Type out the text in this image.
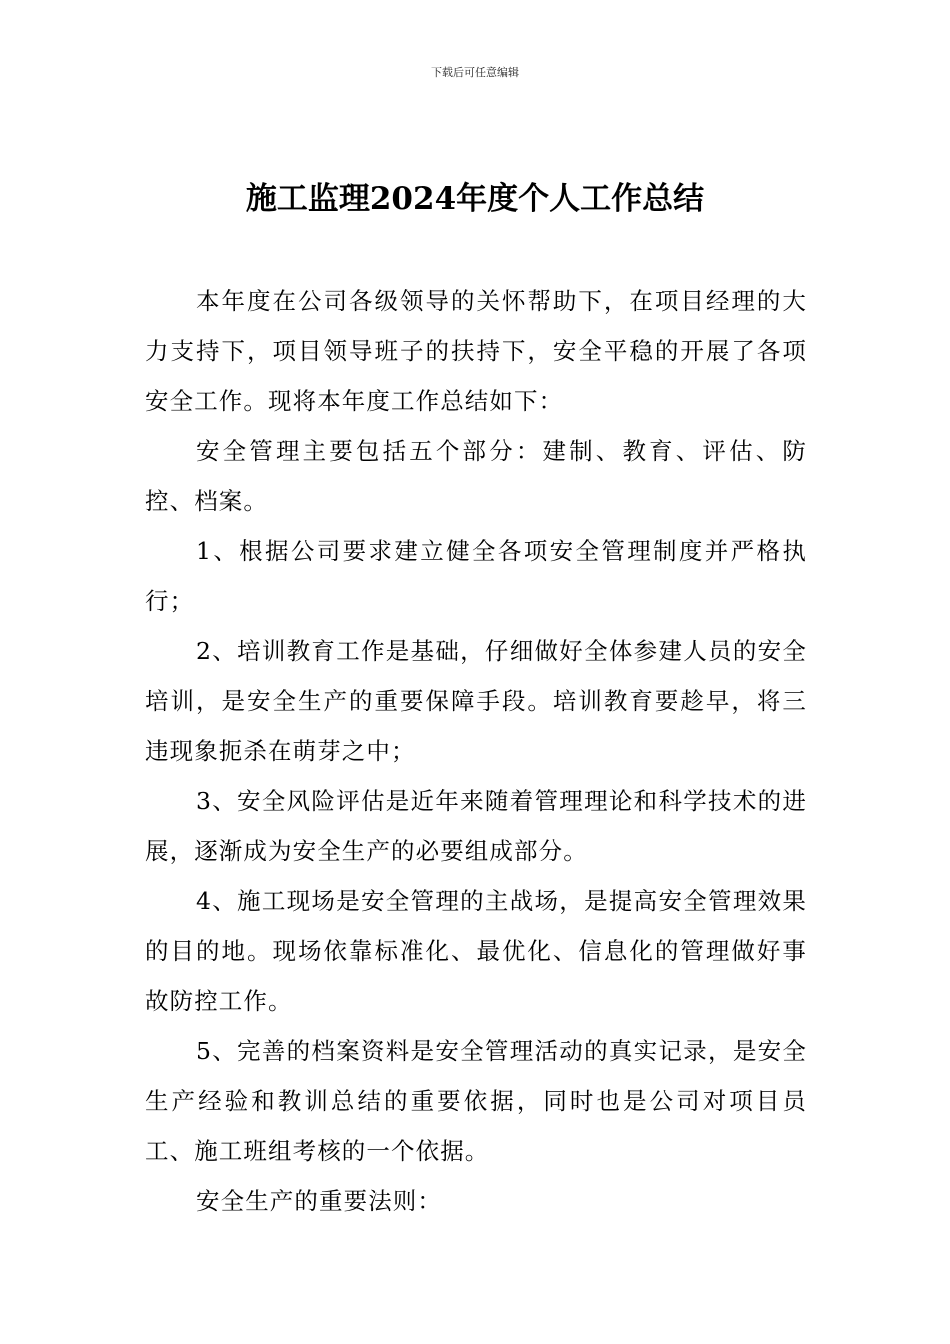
下载后可任意编辑
施工监理2024年度个人工作总结

本年度在公司各级领导的关怀帮助下，在项目经理的大力支持下，项目领导班子的扶持下，安全平稳的开展了各项安全工作。现将本年度工作总结如下：

安全管理主要包括五个部分：建制、教育、评估、防控、档案。

1、根据公司要求建立健全各项安全管理制度并严格执行；

2、培训教育工作是基础，仔细做好全体参建人员的安全培训，是安全生产的重要保障手段。培训教育要趁早，将三违现象扼杀在萌芽之中；

3、安全风险评估是近年来随着管理理论和科学技术的进展，逐渐成为安全生产的必要组成部分。

4、施工现场是安全管理的主战场，是提高安全管理效果的目的地。现场依靠标准化、最优化、信息化的管理做好事故防控工作。

5、完善的档案资料是安全管理活动的真实记录，是安全生产经验和教训总结的重要依据，同时也是公司对项目员工、施工班组考核的一个依据。

安全生产的重要法则：
